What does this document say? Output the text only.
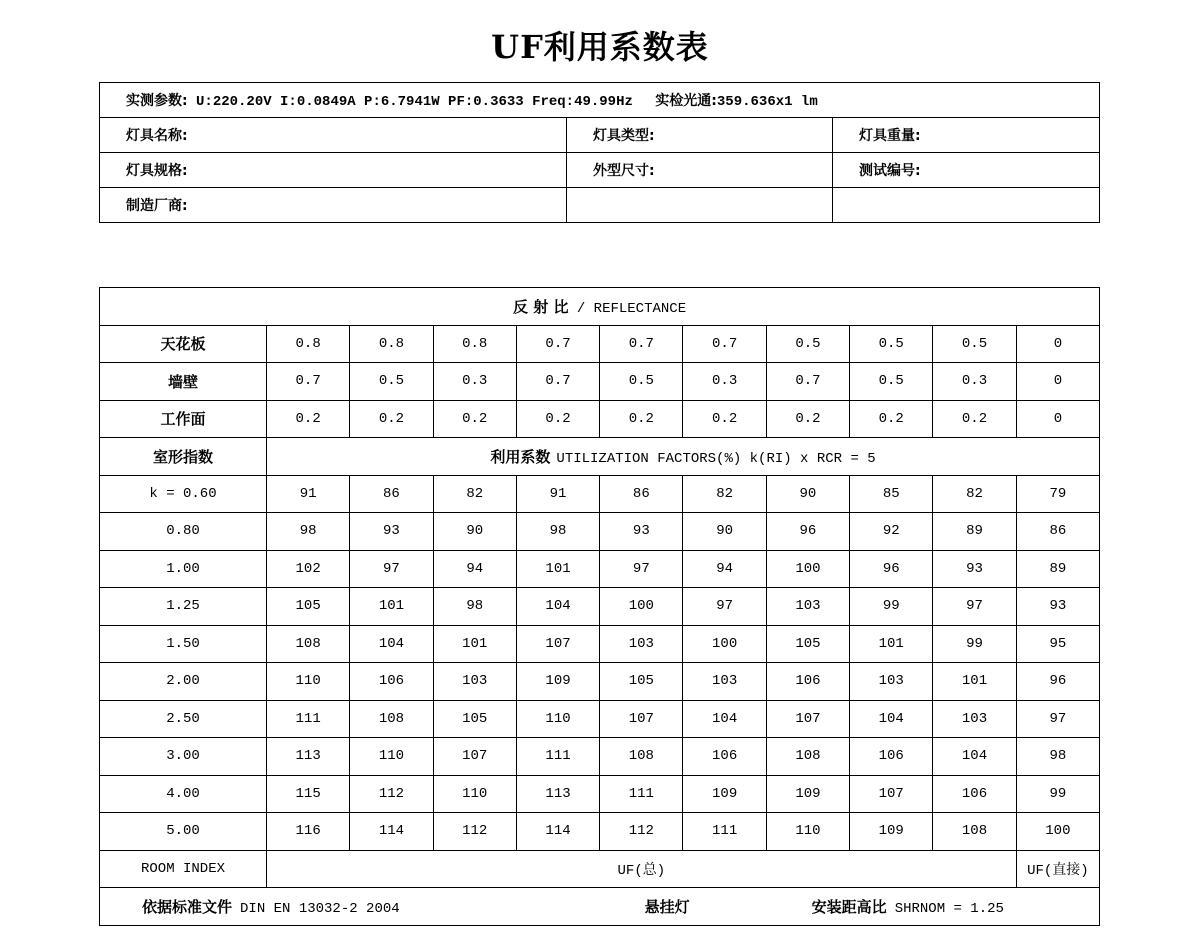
UF利用系数表
实测参数: U:220.20V I:0.0849A P:6.7941W PF:0.3633 Freq:49.99Hz 实检光通:359.636x1 lm		
灯具名称:	灯具类型:	灯具重量:
灯具规格:	外型尺寸:	测试编号:
制造厂商:		
反 射 比 / REFLECTANCE										
天花板	0.8	0.8	0.8	0.7	0.7	0.7	0.5	0.5	0.5	0
墙壁	0.7	0.5	0.3	0.7	0.5	0.3	0.7	0.5	0.3	0
工作面	0.2	0.2	0.2	0.2	0.2	0.2	0.2	0.2	0.2	0
室形指数	利用系数 UTILIZATION FACTORS(%) k(RI) x RCR = 5									
k = 0.60	91	86	82	91	86	82	90	85	82	79
0.80	98	93	90	98	93	90	96	92	89	86
1.00	102	97	94	101	97	94	100	96	93	89
1.25	105	101	98	104	100	97	103	99	97	93
1.50	108	104	101	107	103	100	105	101	99	95
2.00	110	106	103	109	105	103	106	103	101	96
2.50	111	108	105	110	107	104	107	104	103	97
3.00	113	110	107	111	108	106	108	106	104	98
4.00	115	112	110	113	111	109	109	107	106	99
5.00	116	114	112	114	112	111	110	109	108	100
ROOM INDEX	UF(总)									UF(直接)
依据标准文件 DIN EN 13032-2 2004 悬挂灯 安装距高比 SHRNOM = 1.25										
